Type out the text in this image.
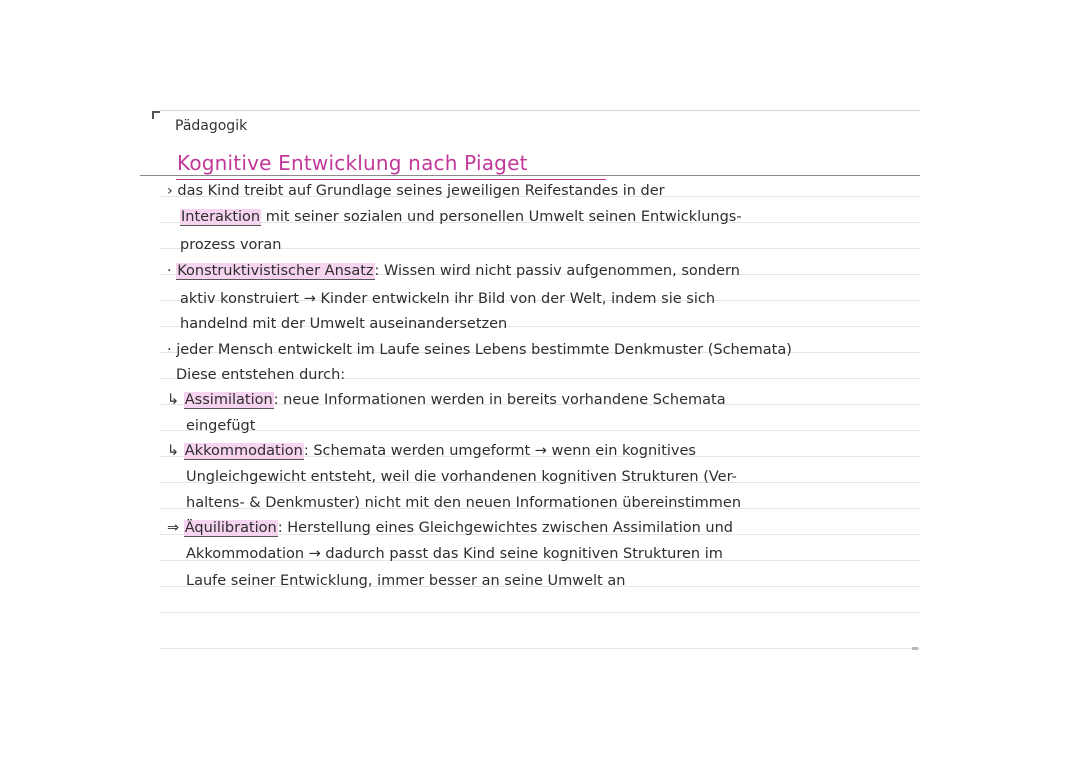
Pädagogik
Kognitive Entwicklung nach Piaget
› das Kind treibt auf Grundlage seines jeweiligen Reifestandes in der
Interaktion mit seiner sozialen und personellen Umwelt seinen Entwicklungs-
prozess voran
· Konstruktivistischer Ansatz: Wissen wird nicht passiv aufgenommen, sondern
aktiv konstruiert → Kinder entwickeln ihr Bild von der Welt, indem sie sich
handelnd mit der Umwelt auseinandersetzen
· jeder Mensch entwickelt im Laufe seines Lebens bestimmte Denkmuster (Schemata)
Diese entstehen durch:
↳ Assimilation: neue Informationen werden in bereits vorhandene Schemata
eingefügt
↳ Akkommodation: Schemata werden umgeformt → wenn ein kognitives
Ungleichgewicht entsteht, weil die vorhandenen kognitiven Strukturen (Ver-
haltens- & Denkmuster) nicht mit den neuen Informationen übereinstimmen
⇒ Äquilibration: Herstellung eines Gleichgewichtes zwischen Assimilation und
Akkommodation → dadurch passt das Kind seine kognitiven Strukturen im
Laufe seiner Entwicklung, immer besser an seine Umwelt an
